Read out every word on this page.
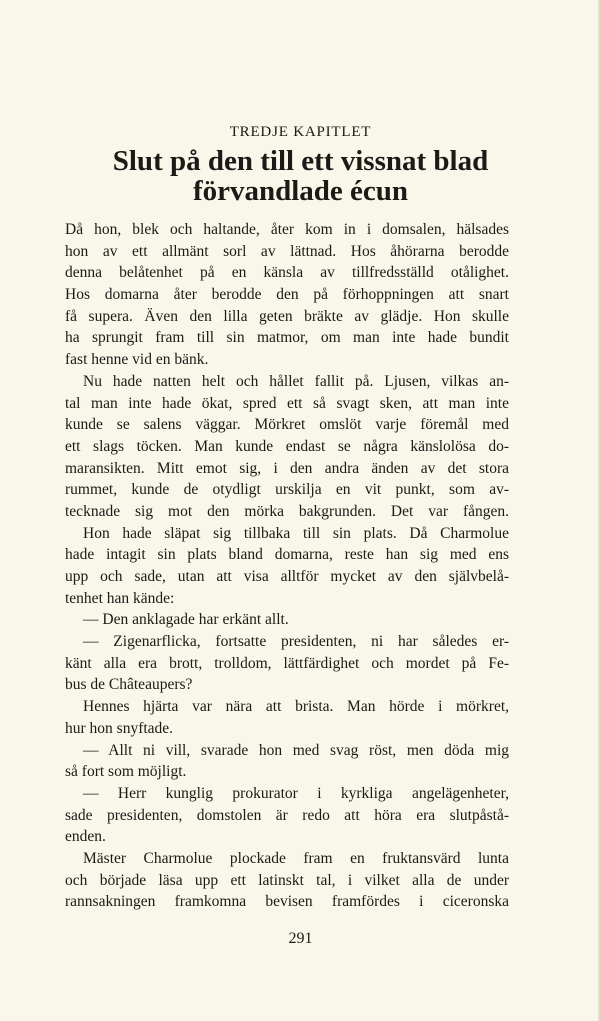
TREDJE KAPITLET
Slut på den till ett vissnat blad
förvandlade écun
Då hon, blek och haltande, åter kom in i domsalen, hälsades
hon av ett allmänt sorl av lättnad. Hos åhörarna berodde
denna belåtenhet på en känsla av tillfredsställd otålighet.
Hos domarna åter berodde den på förhoppningen att snart
få supera. Även den lilla geten bräkte av glädje. Hon skulle
ha sprungit fram till sin matmor, om man inte hade bundit
fast henne vid en bänk.
Nu hade natten helt och hållet fallit på. Ljusen, vilkas an-
tal man inte hade ökat, spred ett så svagt sken, att man inte
kunde se salens väggar. Mörkret omslöt varje föremål med
ett slags töcken. Man kunde endast se några känslolösa do-
maransikten. Mitt emot sig, i den andra änden av det stora
rummet, kunde de otydligt urskilja en vit punkt, som av-
tecknade sig mot den mörka bakgrunden. Det var fången.
Hon hade släpat sig tillbaka till sin plats. Då Charmolue
hade intagit sin plats bland domarna, reste han sig med ens
upp och sade, utan att visa alltför mycket av den självbelå-
tenhet han kände:
— Den anklagade har erkänt allt.
— Zigenarflicka, fortsatte presidenten, ni har således er-
känt alla era brott, trolldom, lättfärdighet och mordet på Fe-
bus de Châteaupers?
Hennes hjärta var nära att brista. Man hörde i mörkret,
hur hon snyftade.
— Allt ni vill, svarade hon med svag röst, men döda mig
så fort som möjligt.
— Herr kunglig prokurator i kyrkliga angelägenheter,
sade presidenten, domstolen är redo att höra era slutpåstå-
enden.
Mäster Charmolue plockade fram en fruktansvärd lunta
och började läsa upp ett latinskt tal, i vilket alla de under
rannsakningen framkomna bevisen framfördes i ciceronska
291
